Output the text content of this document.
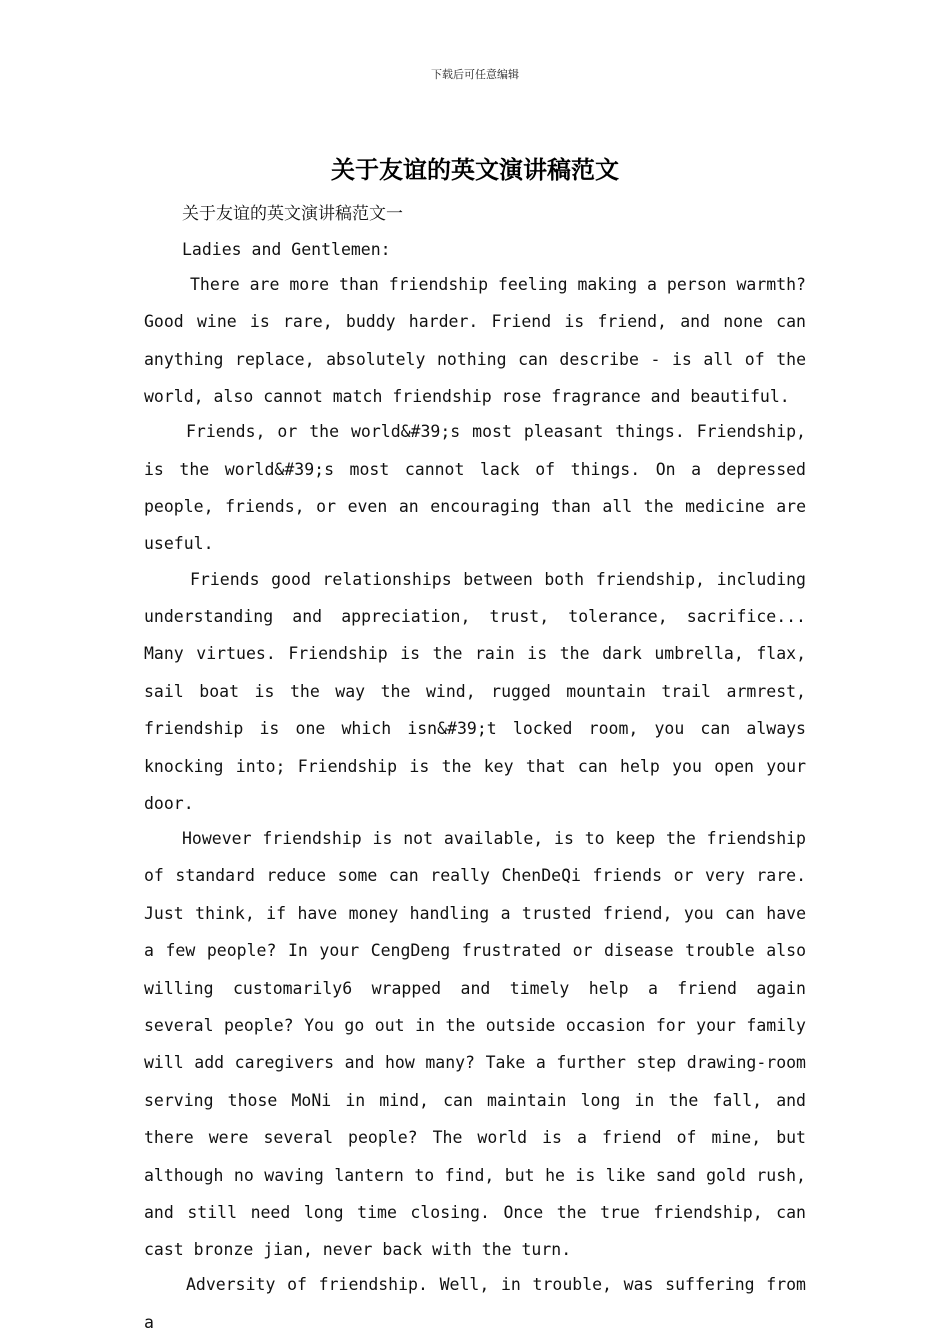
下载后可任意编辑
关于友谊的英文演讲稿范文

关于友谊的英文演讲稿范文一

Ladies and Gentlemen:

There are more than friendship feeling making a person warmth? Good wine is rare, buddy harder. Friend is friend, and none can anything replace, absolutely nothing can describe - is all of the world, also cannot match friendship rose fragrance and beautiful.

Friends, or the world&#39;s most pleasant things. Friendship, is the world&#39;s most cannot lack of things. On a depressed people, friends, or even an encouraging than all the medicine are useful.

Friends good relationships between both friendship, including understanding and appreciation, trust, tolerance, sacrifice... Many virtues. Friendship is the rain is the dark umbrella, flax, sail boat is the way the wind, rugged mountain trail armrest, friendship is one which isn&#39;t locked room, you can always knocking into; Friendship is the key that can help you open your door.

However friendship is not available, is to keep the friendship of standard reduce some can really ChenDeQi friends or very rare. Just think, if have money handling a trusted friend, you can have a few people? In your CengDeng frustrated or disease trouble also willing customarily6 wrapped and timely help a friend again several people? You go out in the outside occasion for your family will add caregivers and how many? Take a further step drawing-room serving those MoNi in mind, can maintain long in the fall, and there were several people? The world is a friend of mine, but although no waving lantern to find, but he is like sand gold rush, and still need long time closing. Once the true friendship, can cast bronze jian, never back with the turn.

Adversity of friendship. Well, in trouble, was suffering from a
